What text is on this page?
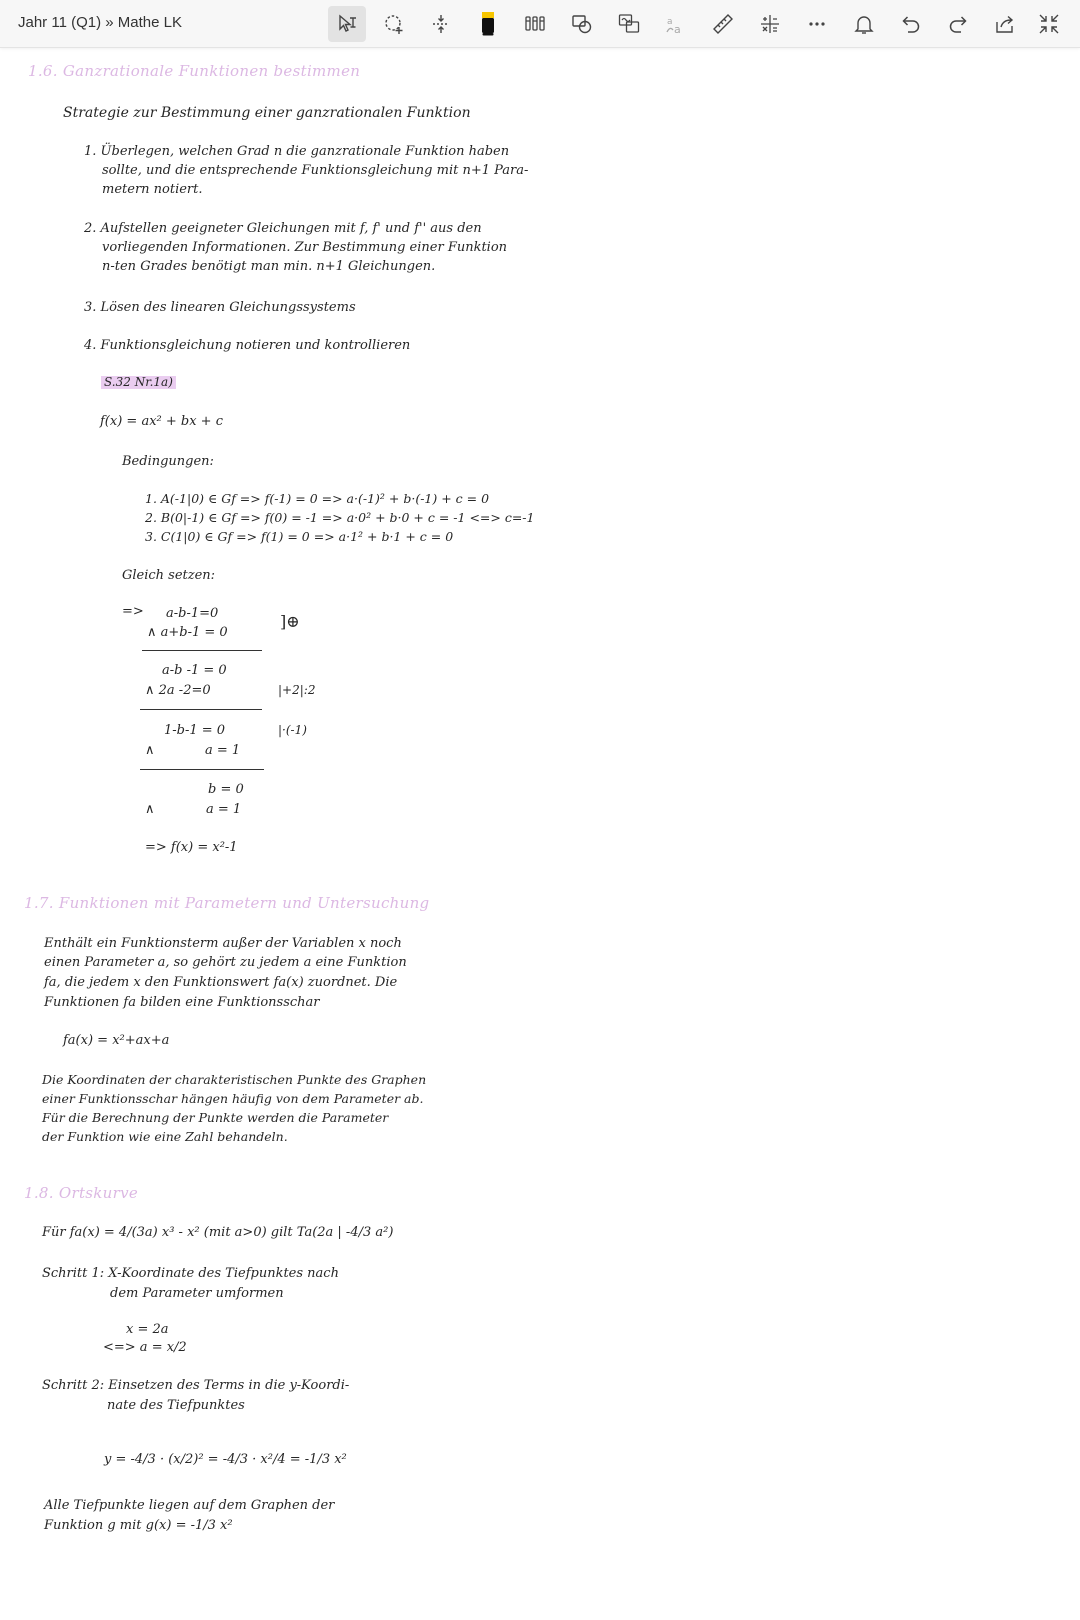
Jahr 11 (Q1) » Mathe LK	a
a
1.6. Ganzrationale Funktionen bestimmen
Strategie zur Bestimmung einer ganzrationalen Funktion
1. Überlegen, welchen Grad n die ganzrationale Funktion haben
sollte, und die entsprechende Funktionsgleichung mit n+1 Para-
metern notiert.
2. Aufstellen geeigneter Gleichungen mit f, f' und f'' aus den
vorliegenden Informationen. Zur Bestimmung einer Funktion
n-ten Grades benötigt man min. n+1 Gleichungen.
3. Lösen des linearen Gleichungssystems
4. Funktionsgleichung notieren und kontrollieren
S.32 Nr.1a)
f(x) = ax² + bx + c
Bedingungen:
1. A(-1|0) ∈ Gf => f(-1) = 0 => a·(-1)² + b·(-1) + c = 0
2. B(0|-1) ∈ Gf => f(0) = -1 => a·0² + b·0 + c = -1 <=> c=-1
3. C(1|0) ∈ Gf => f(1) = 0 => a·1² + b·1 + c = 0
Gleich setzen:
=> a-b-1=0
∧ a+b-1 = 0
]⊕
a-b -1 = 0
∧ 2a -2=0	|+2|:2
1-b-1 = 0
∧	a = 1
|·(-1)
b = 0
∧	a = 1
=> f(x) = x²-1
1.7. Funktionen mit Parametern und Untersuchung
Enthält ein Funktionsterm außer der Variablen x noch
einen Parameter a, so gehört zu jedem a eine Funktion
fa, die jedem x den Funktionswert fa(x) zuordnet. Die
Funktionen fa bilden eine Funktionsschar
fa(x) = x²+ax+a
Die Koordinaten der charakteristischen Punkte des Graphen
einer Funktionsschar hängen häufig von dem Parameter ab.
Für die Berechnung der Punkte werden die Parameter
der Funktion wie eine Zahl behandeln.
1.8. Ortskurve
Für fa(x) = 4/(3a) x³ - x² (mit a>0) gilt Ta(2a | -4/3 a²)
Schritt 1: X-Koordinate des Tiefpunktes nach
dem Parameter umformen
x = 2a
<=> a = x/2
Schritt 2: Einsetzen des Terms in die y-Koordi-
nate des Tiefpunktes
y = -4/3 · (x/2)² = -4/3 · x²/4 = -1/3 x²
Alle Tiefpunkte liegen auf dem Graphen der
Funktion g mit g(x) = -1/3 x²
